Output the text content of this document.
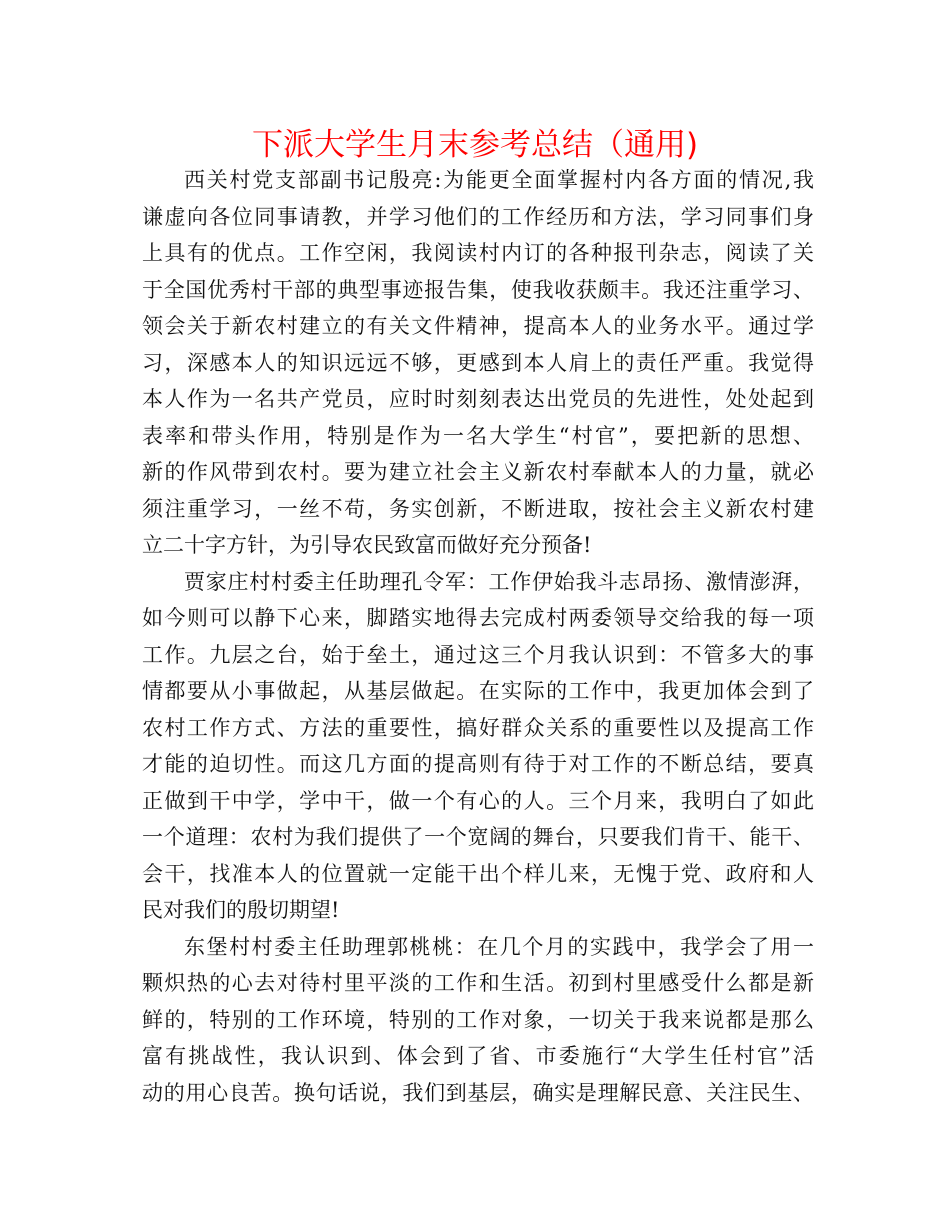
下派大学生月末参考总结（通用)
西关村党支部副书记殷亮:为能更全面掌握村内各方面的情况,我
谦虚向各位同事请教，并学习他们的工作经历和方法，学习同事们身
上具有的优点。工作空闲，我阅读村内订的各种报刊杂志，阅读了关
于全国优秀村干部的典型事迹报告集，使我收获颇丰。我还注重学习、
领会关于新农村建立的有关文件精神，提高本人的业务水平。通过学
习，深感本人的知识远远不够，更感到本人肩上的责任严重。我觉得
本人作为一名共产党员，应时时刻刻表达出党员的先进性，处处起到
表率和带头作用，特别是作为一名大学生“村官”，要把新的思想、
新的作风带到农村。要为建立社会主义新农村奉献本人的力量，就必
须注重学习，一丝不苟，务实创新，不断进取，按社会主义新农村建
立二十字方针，为引导农民致富而做好充分预备!
贾家庄村村委主任助理孔令军：工作伊始我斗志昂扬、激情澎湃，
如今则可以静下心来，脚踏实地得去完成村两委领导交给我的每一项
工作。九层之台，始于垒土，通过这三个月我认识到：不管多大的事
情都要从小事做起，从基层做起。在实际的工作中，我更加体会到了
农村工作方式、方法的重要性，搞好群众关系的重要性以及提高工作
才能的迫切性。而这几方面的提高则有待于对工作的不断总结，要真
正做到干中学，学中干，做一个有心的人。三个月来，我明白了如此
一个道理：农村为我们提供了一个宽阔的舞台，只要我们肯干、能干、
会干，找准本人的位置就一定能干出个样儿来，无愧于党、政府和人
民对我们的殷切期望!
东堡村村委主任助理郭桃桃：在几个月的实践中，我学会了用一
颗炽热的心去对待村里平淡的工作和生活。初到村里感受什么都是新
鲜的，特别的工作环境，特别的工作对象，一切关于我来说都是那么
富有挑战性，我认识到、体会到了省、市委施行“大学生任村官”活
动的用心良苦。换句话说，我们到基层，确实是理解民意、关注民生、
